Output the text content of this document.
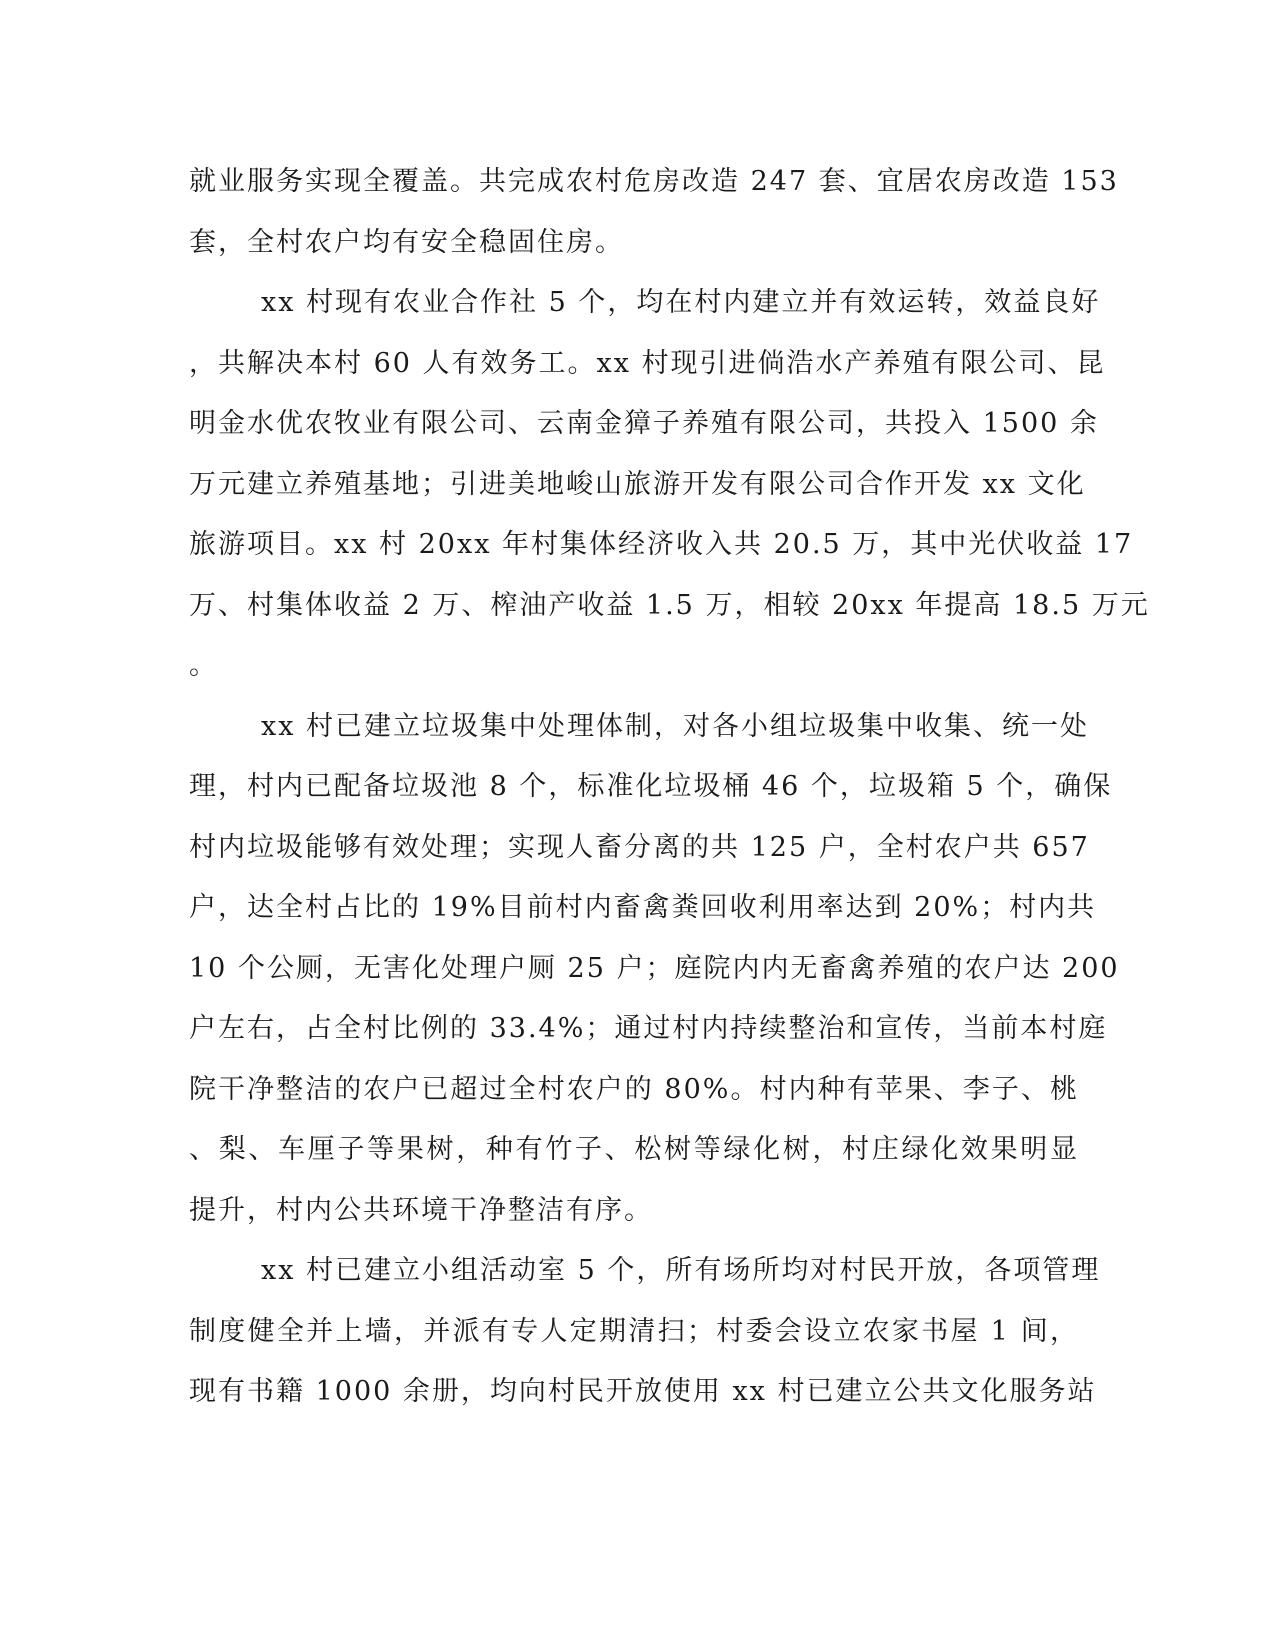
就业服务实现全覆盖。共完成农村危房改造 247 套、宜居农房改造 153
套，全村农户均有安全稳固住房。
xx 村现有农业合作社 5 个，均在村内建立并有效运转，效益良好
，共解决本村 60 人有效务工。xx 村现引进倘浩水产养殖有限公司、昆
明金水优农牧业有限公司、云南金獐子养殖有限公司，共投入 1500 余
万元建立养殖基地；引进美地峻山旅游开发有限公司合作开发 xx 文化
旅游项目。xx 村 20xx 年村集体经济收入共 20.5 万，其中光伏收益 17
万、村集体收益 2 万、榨油产收益 1.5 万，相较 20xx 年提高 18.5 万元
。
xx 村已建立垃圾集中处理体制，对各小组垃圾集中收集、统一处
理，村内已配备垃圾池 8 个，标准化垃圾桶 46 个，垃圾箱 5 个，确保
村内垃圾能够有效处理；实现人畜分离的共 125 户，全村农户共 657
户，达全村占比的 19%目前村内畜禽粪回收利用率达到 20%；村内共
10 个公厕，无害化处理户厕 25 户；庭院内内无畜禽养殖的农户达 200
户左右，占全村比例的 33.4%；通过村内持续整治和宣传，当前本村庭
院干净整洁的农户已超过全村农户的 80%。村内种有苹果、李子、桃
、梨、车厘子等果树，种有竹子、松树等绿化树，村庄绿化效果明显
提升，村内公共环境干净整洁有序。
xx 村已建立小组活动室 5 个，所有场所均对村民开放，各项管理
制度健全并上墙，并派有专人定期清扫；村委会设立农家书屋 1 间，
现有书籍 1000 余册，均向村民开放使用 xx 村已建立公共文化服务站
